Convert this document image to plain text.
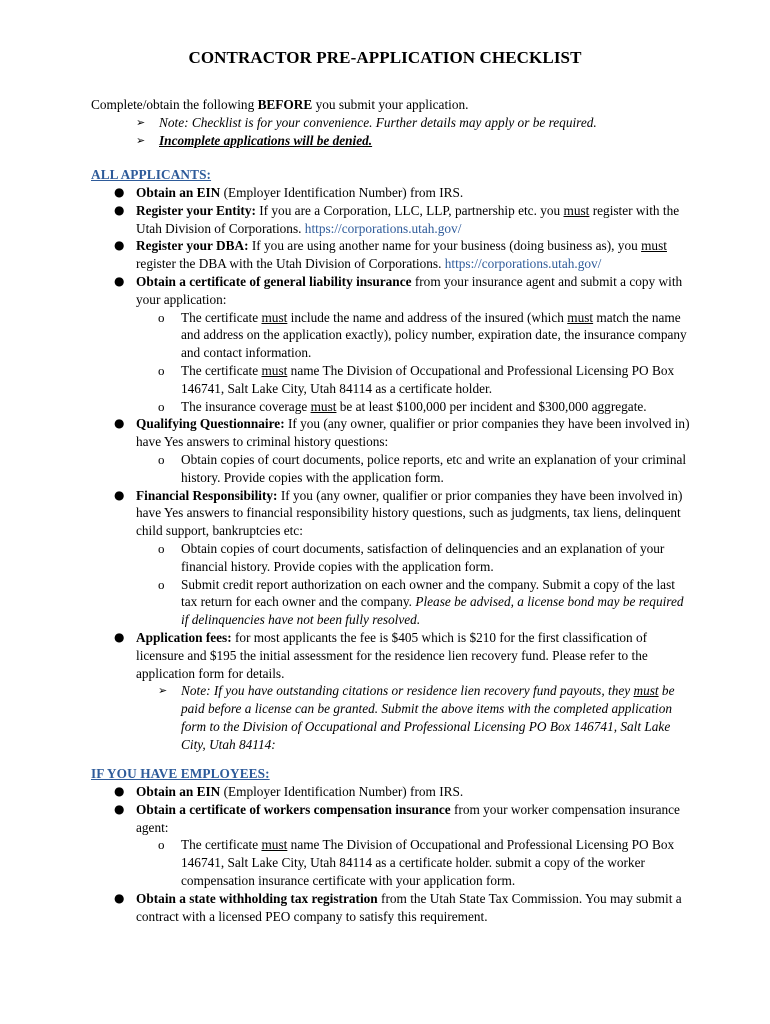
CONTRACTOR PRE-APPLICATION CHECKLIST
Complete/obtain the following BEFORE you submit your application.
➢ Note: Checklist is for your convenience. Further details may apply or be required.
➢ Incomplete applications will be denied.
ALL APPLICANTS:
● Obtain an EIN (Employer Identification Number) from IRS.
● Register your Entity: If you are a Corporation, LLC, LLP, partnership etc. you must register with the Utah Division of Corporations. https://corporations.utah.gov/
● Register your DBA: If you are using another name for your business (doing business as), you must register the DBA with the Utah Division of Corporations. https://corporations.utah.gov/
● Obtain a certificate of general liability insurance from your insurance agent and submit a copy with your application:
o The certificate must include the name and address of the insured (which must match the name and address on the application exactly), policy number, expiration date, the insurance company and contact information.
o The certificate must name The Division of Occupational and Professional Licensing PO Box 146741, Salt Lake City, Utah 84114 as a certificate holder.
o The insurance coverage must be at least $100,000 per incident and $300,000 aggregate.
● Qualifying Questionnaire: If you (any owner, qualifier or prior companies they have been involved in) have Yes answers to criminal history questions:
o Obtain copies of court documents, police reports, etc and write an explanation of your criminal history. Provide copies with the application form.
● Financial Responsibility: If you (any owner, qualifier or prior companies they have been involved in) have Yes answers to financial responsibility history questions, such as judgments, tax liens, delinquent child support, bankruptcies etc:
o Obtain copies of court documents, satisfaction of delinquencies and an explanation of your financial history. Provide copies with the application form.
o Submit credit report authorization on each owner and the company. Submit a copy of the last tax return for each owner and the company. Please be advised, a license bond may be required if delinquencies have not been fully resolved.
● Application fees: for most applicants the fee is $405 which is $210 for the first classification of licensure and $195 the initial assessment for the residence lien recovery fund. Please refer to the application form for details.
➢ Note: If you have outstanding citations or residence lien recovery fund payouts, they must be paid before a license can be granted. Submit the above items with the completed application form to the Division of Occupational and Professional Licensing PO Box 146741, Salt Lake City, Utah 84114:
IF YOU HAVE EMPLOYEES:
● Obtain an EIN (Employer Identification Number) from IRS.
● Obtain a certificate of workers compensation insurance from your worker compensation insurance agent:
o The certificate must name The Division of Occupational and Professional Licensing PO Box 146741, Salt Lake City, Utah 84114 as a certificate holder. submit a copy of the worker compensation insurance certificate with your application form.
● Obtain a state withholding tax registration from the Utah State Tax Commission. You may submit a contract with a licensed PEO company to satisfy this requirement.
